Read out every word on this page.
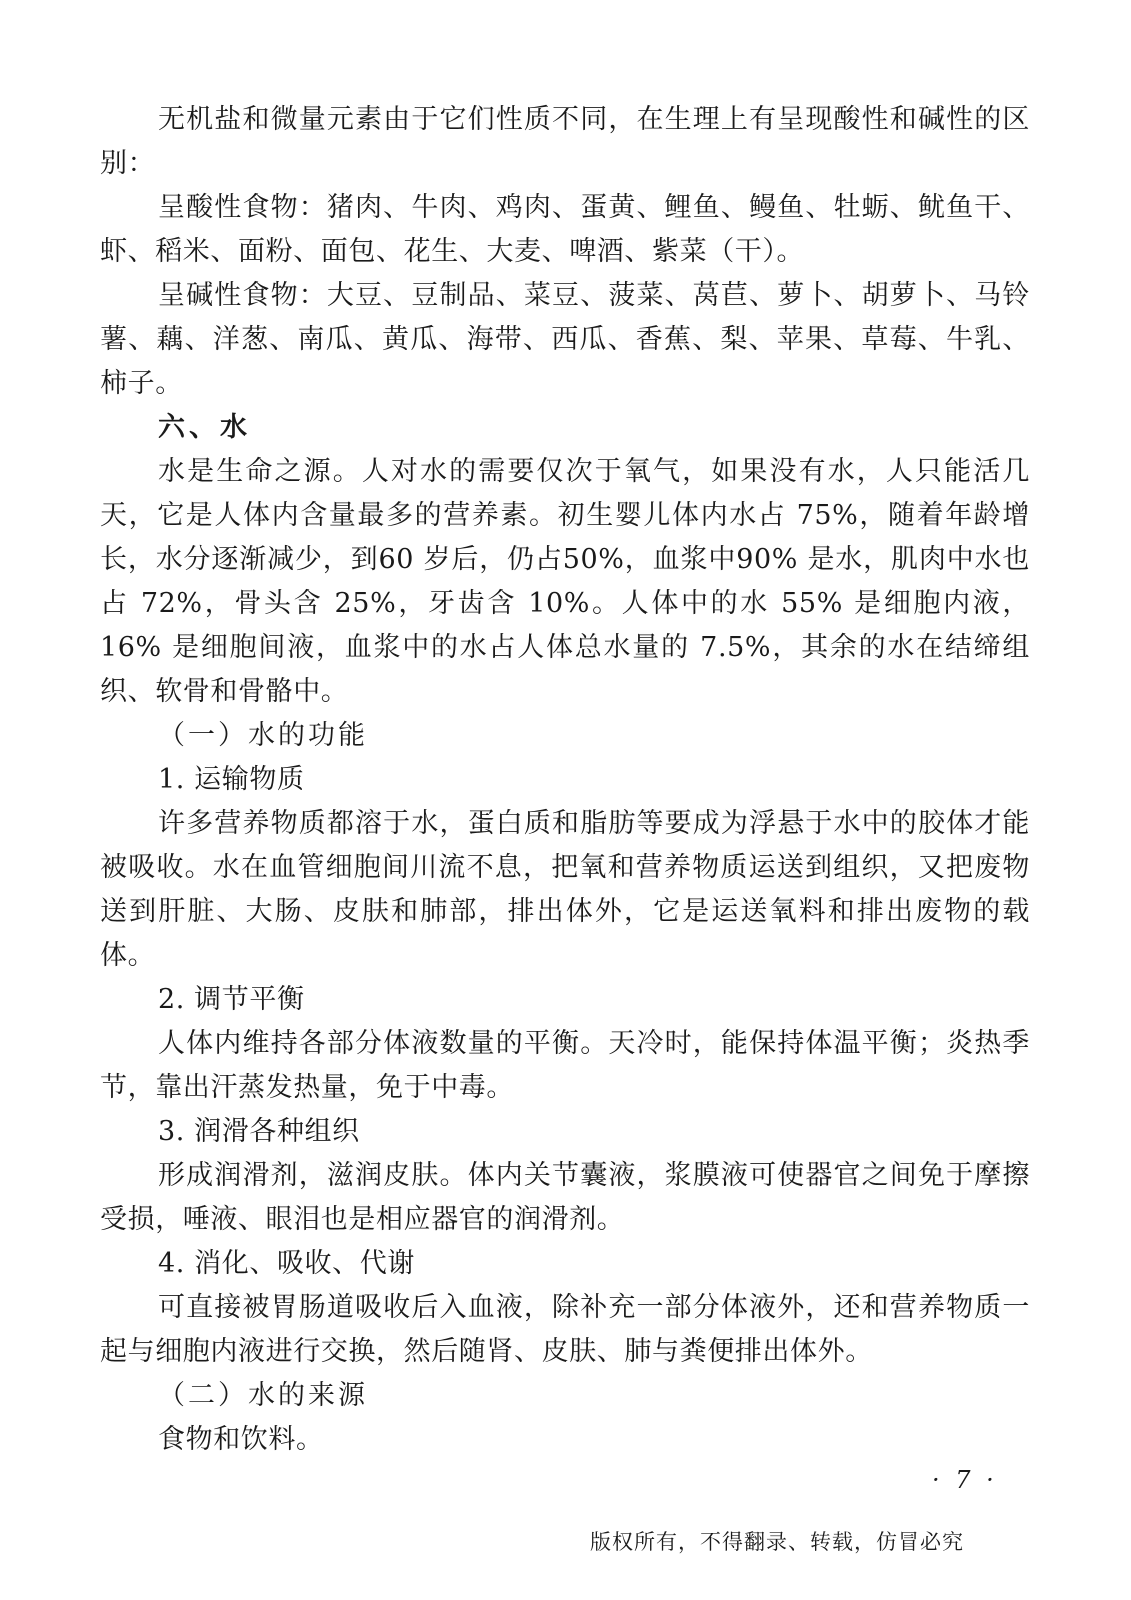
无机盐和微量元素由于它们性质不同，在生理上有呈现酸性和碱性的区别：

呈酸性食物：猪肉、牛肉、鸡肉、蛋黄、鲤鱼、鳗鱼、牡蛎、鱿鱼干、虾、稻米、面粉、面包、花生、大麦、啤酒、紫菜（干）。

呈碱性食物：大豆、豆制品、菜豆、菠菜、莴苣、萝卜、胡萝卜、马铃薯、藕、洋葱、南瓜、黄瓜、海带、西瓜、香蕉、梨、苹果、草莓、牛乳、柿子。

六、水

水是生命之源。人对水的需要仅次于氧气，如果没有水，人只能活几天，它是人体内含量最多的营养素。初生婴儿体内水占 75%，随着年龄增长，水分逐渐减少，到60 岁后，仍占50%，血浆中90% 是水，肌肉中水也占 72%，骨头含 25%，牙齿含 10%。人体中的水 55% 是细胞内液，16% 是细胞间液，血浆中的水占人体总水量的 7.5%，其余的水在结缔组织、软骨和骨骼中。

（一）水的功能

1. 运输物质

许多营养物质都溶于水，蛋白质和脂肪等要成为浮悬于水中的胶体才能被吸收。水在血管细胞间川流不息，把氧和营养物质运送到组织，又把废物送到肝脏、大肠、皮肤和肺部，排出体外，它是运送氧料和排出废物的载体。

2. 调节平衡

人体内维持各部分体液数量的平衡。天冷时，能保持体温平衡；炎热季节，靠出汗蒸发热量，免于中毒。

3. 润滑各种组织

形成润滑剂，滋润皮肤。体内关节囊液，浆膜液可使器官之间免于摩擦受损，唾液、眼泪也是相应器官的润滑剂。

4. 消化、吸收、代谢

可直接被胃肠道吸收后入血液，除补充一部分体液外，还和营养物质一起与细胞内液进行交换，然后随肾、皮肤、肺与粪便排出体外。

（二）水的来源

食物和饮料。

· 7 ·
版权所有，不得翻录、转载，仿冒必究
